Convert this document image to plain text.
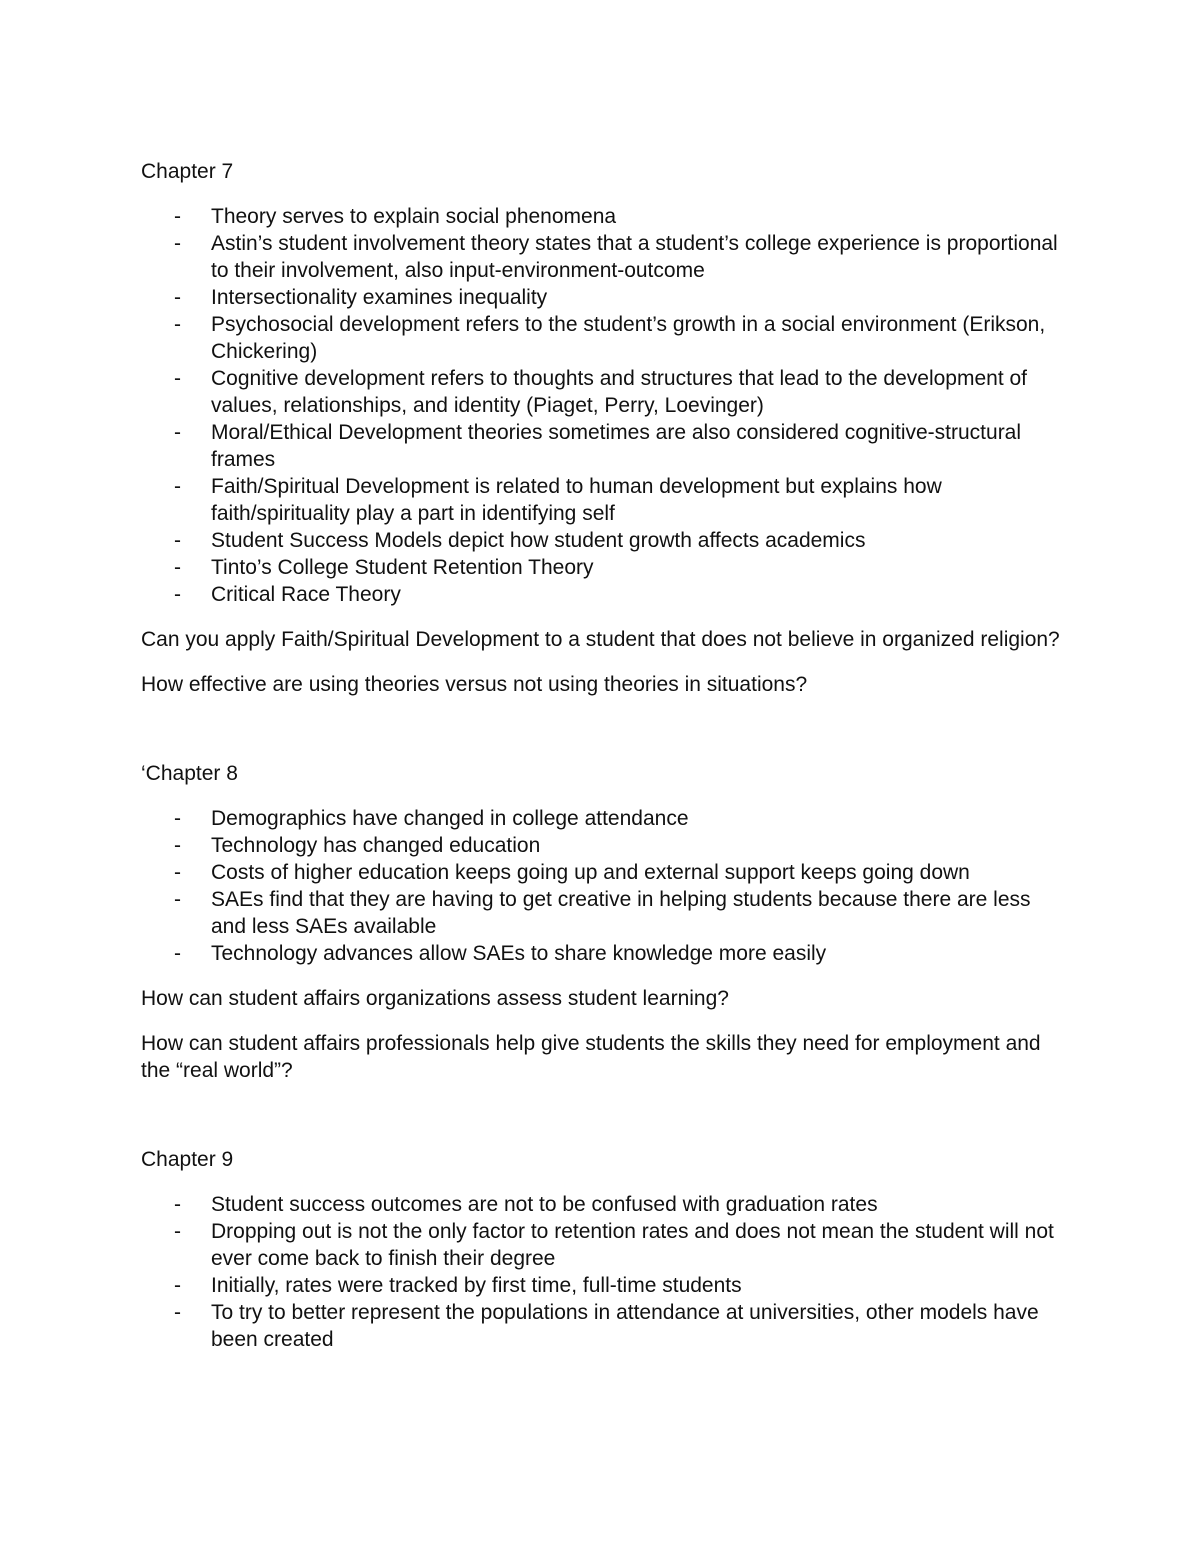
Chapter 7

- Theory serves to explain social phenomena
- Astin’s student involvement theory states that a student’s college experience is proportional to their involvement, also input-environment-outcome
- Intersectionality examines inequality
- Psychosocial development refers to the student’s growth in a social environment (Erikson, Chickering)
- Cognitive development refers to thoughts and structures that lead to the development of values, relationships, and identity (Piaget, Perry, Loevinger)
- Moral/Ethical Development theories sometimes are also considered cognitive-structural frames
- Faith/Spiritual Development is related to human development but explains how faith/spirituality play a part in identifying self
- Student Success Models depict how student growth affects academics
- Tinto’s College Student Retention Theory
- Critical Race Theory

Can you apply Faith/Spiritual Development to a student that does not believe in organized religion?

How effective are using theories versus not using theories in situations?

‘Chapter 8

- Demographics have changed in college attendance
- Technology has changed education
- Costs of higher education keeps going up and external support keeps going down
- SAEs find that they are having to get creative in helping students because there are less and less SAEs available
- Technology advances allow SAEs to share knowledge more easily

How can student affairs organizations assess student learning?

How can student affairs professionals help give students the skills they need for employment and the “real world”?

Chapter 9

- Student success outcomes are not to be confused with graduation rates
- Dropping out is not the only factor to retention rates and does not mean the student will not ever come back to finish their degree
- Initially, rates were tracked by first time, full-time students
- To try to better represent the populations in attendance at universities, other models have been created
